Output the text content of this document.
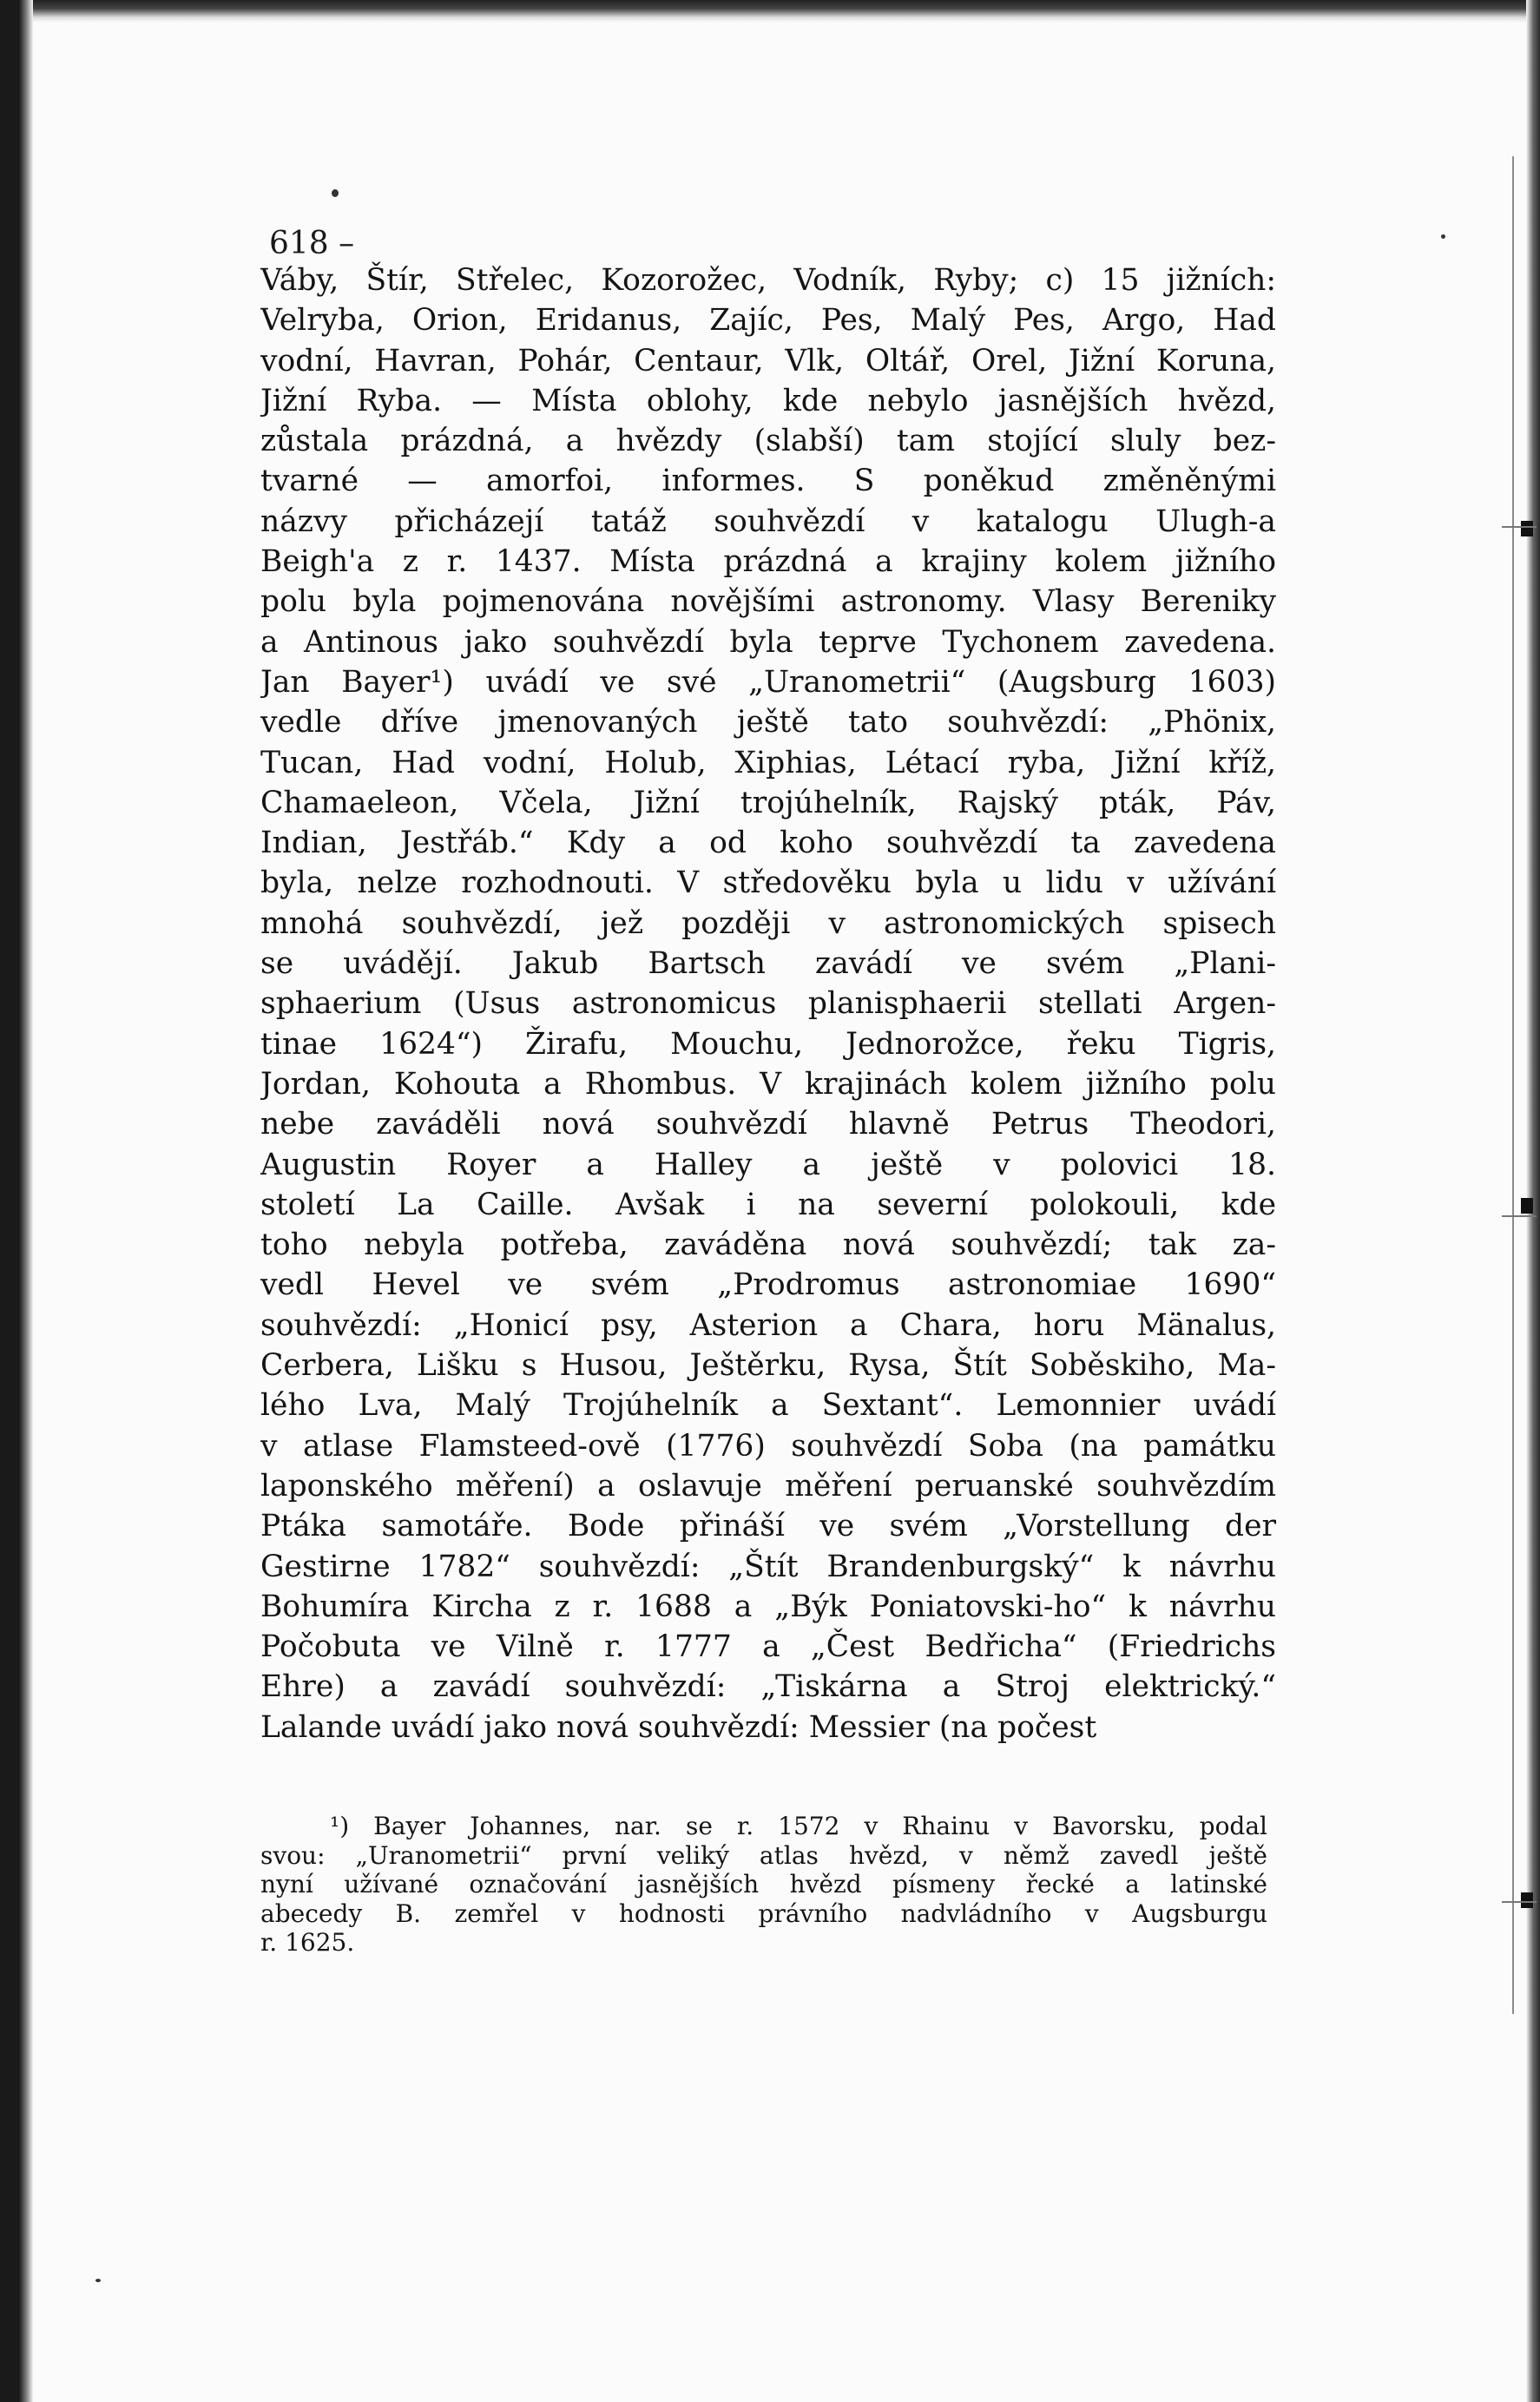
618 –
Váby, Štír, Střelec, Kozorožec, Vodník, Ryby; c) 15 jižních:
Velryba, Orion, Eridanus, Zajíc, Pes, Malý Pes, Argo, Had
vodní, Havran, Pohár, Centaur, Vlk, Oltář, Orel, Jižní Koruna,
Jižní Ryba. — Místa oblohy, kde nebylo jasnějších hvězd,
zůstala prázdná, a hvězdy (slabší) tam stojící sluly bez-
tvarné — amorfoi, informes. S poněkud změněnými
názvy přicházejí tatáž souhvězdí v katalogu Ulugh-a
Beigh'a z r. 1437. Místa prázdná a krajiny kolem jižního
polu byla pojmenována novějšími astronomy. Vlasy Bereniky
a Antinous jako souhvězdí byla teprve Tychonem zavedena.
Jan Bayer¹) uvádí ve své „Uranometrii“ (Augsburg 1603)
vedle dříve jmenovaných ještě tato souhvězdí: „Phönix,
Tucan, Had vodní, Holub, Xiphias, Létací ryba, Jižní kříž,
Chamaeleon, Včela, Jižní trojúhelník, Rajský pták, Páv,
Indian, Jestřáb.“ Kdy a od koho souhvězdí ta zavedena
byla, nelze rozhodnouti. V středověku byla u lidu v užívání
mnohá souhvězdí, jež později v astronomických spisech
se uvádějí. Jakub Bartsch zavádí ve svém „Plani-
sphaerium (Usus astronomicus planisphaerii stellati Argen-
tinae 1624“) Žirafu, Mouchu, Jednorožce, řeku Tigris,
Jordan, Kohouta a Rhombus. V krajinách kolem jižního polu
nebe zaváděli nová souhvězdí hlavně Petrus Theodori,
Augustin Royer a Halley a ještě v polovici 18.
století La Caille. Avšak i na severní polokouli, kde
toho nebyla potřeba, zaváděna nová souhvězdí; tak za-
vedl Hevel ve svém „Prodromus astronomiae 1690“
souhvězdí: „Honicí psy, Asterion a Chara, horu Mänalus,
Cerbera, Lišku s Husou, Ještěrku, Rysa, Štít Soběskiho, Ma-
lého Lva, Malý Trojúhelník a Sextant“. Lemonnier uvádí
v atlase Flamsteed-ově (1776) souhvězdí Soba (na památku
laponského měření) a oslavuje měření peruanské souhvězdím
Ptáka samotáře. Bode přináší ve svém „Vorstellung der
Gestirne 1782“ souhvězdí: „Štít Brandenburgský“ k návrhu
Bohumíra Kircha z r. 1688 a „Býk Poniatovski-ho“ k návrhu
Počobuta ve Vilně r. 1777 a „Čest Bedřicha“ (Friedrichs
Ehre) a zavádí souhvězdí: „Tiskárna a Stroj elektrický.“
Lalande uvádí jako nová souhvězdí: Messier (na počest
¹) Bayer Johannes, nar. se r. 1572 v Rhainu v Bavorsku, podal
svou: „Uranometrii“ první veliký atlas hvězd, v němž zavedl ještě
nyní užívané označování jasnějších hvězd písmeny řecké a latinské
abecedy B. zemřel v hodnosti právního nadvládního v Augsburgu
r. 1625.
